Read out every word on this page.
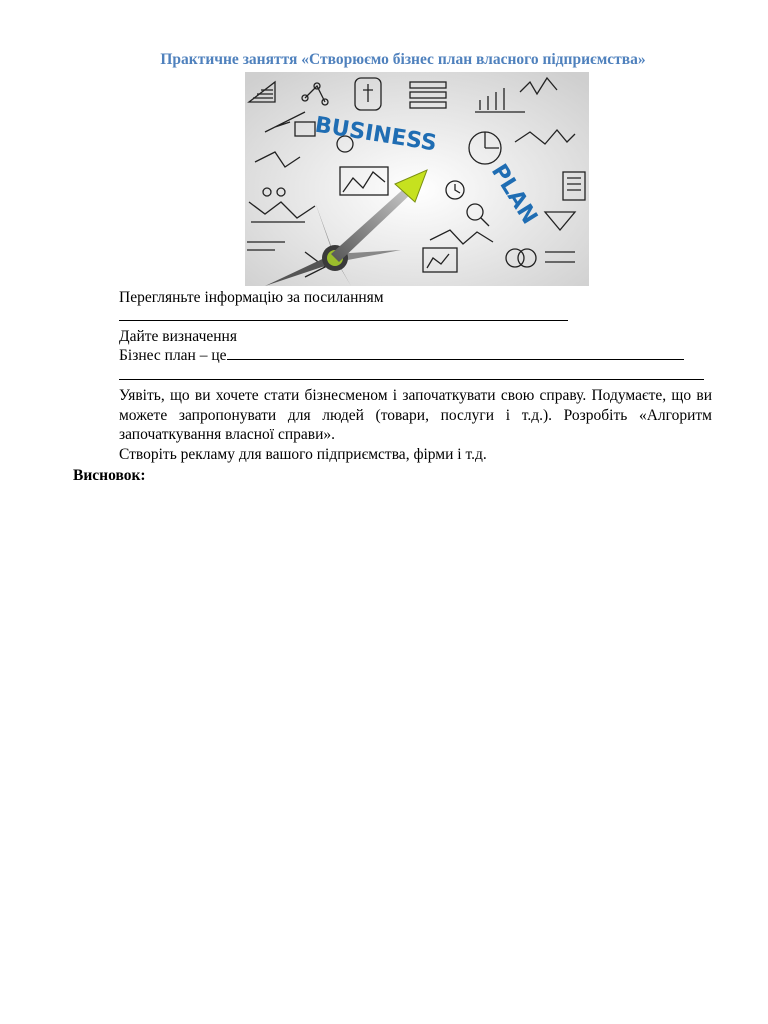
Практичне заняття «Створюємо бізнес план власного підприємства»
BUSINESS
PLAN
Перегляньте інформацію за посиланням
Дайте визначення
Бізнес план – це
Уявіть, що ви хочете стати бізнесменом і започаткувати свою справу. Подумаєте, що ви можете запропонувати для людей (товари, послуги і т.д.). Розробіть «Алгоритм започаткування власної справи».
Створіть рекламу для вашого підприємства, фірми і т.д.
Висновок:
